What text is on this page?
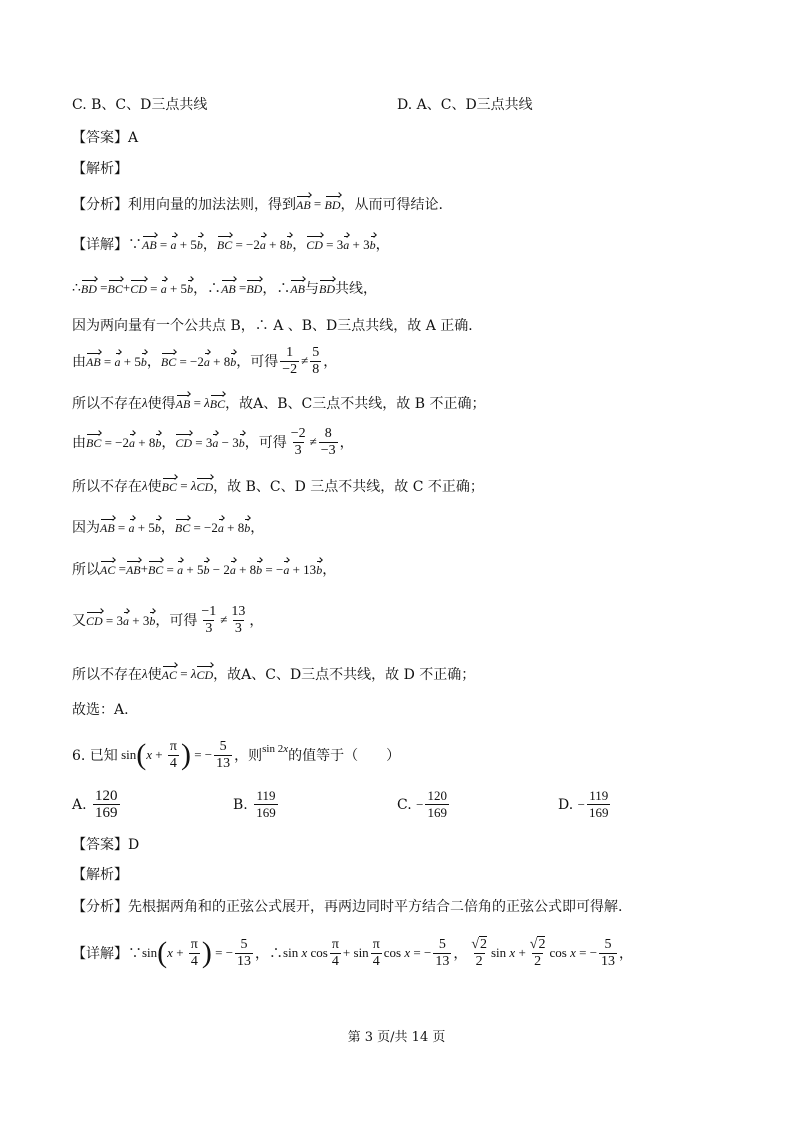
C. B、C、D三点共线	D. A、C、D三点共线
【答案】A
【解析】
【分析】利用向量的加法法则，得到 AB = BD ，从而可得结论.
【详解】∵ AB = a + 5b ， BC = −2a + 8b ， CD = 3a + 3b ，
∴ BD = BC + CD = a + 5b ，∴ AB = BD ，∴ AB 与 BD 共线，
因为两向量有一个公共点 B，∴ A 、B、D三点共线，故 A 正确．
由 AB = a + 5b ， BC = −2a + 8b ，可得 $\frac{1}{-2} \ne \frac{5}{8}$ ，
所以不存在 λ 使得 AB = λ BC ，故A、B、C三点不共线，故 B 不正确；
由 BC = −2a + 8b ， CD = 3a − 3b ，可得 $\frac{-2}{3} \ne \frac{8}{-3}$ ，
所以不存在 λ 使 BC = λ CD ，故 B、C、D 三点不共线，故 C 不正确；
因为 AB = a + 5b ， BC = −2a + 8b ，
所以 AC = AB + BC = a + 5b − 2a + 8b = −a + 13b ，
又 CD = 3a + 3b ，可得 $\frac{-1}{3} \ne \frac{13}{3}$ ，
所以不存在 λ 使 AC = λ CD ，故A、C、D三点不共线，故 D 不正确；
故选：A.
6. 已知 sin ( $x + \frac{\pi}{4}$ ) = − $\frac{5}{13}$ ，则 sin 2x 的值等于（　　）
A.
$\frac{120}{169}$	B.
$\frac{119}{169}$	C.
− $\frac{120}{169}$	D.
− $\frac{119}{169}$
【答案】D
【解析】
【分析】先根据两角和的正弦公式展开，再两边同时平方结合二倍角的正弦公式即可得解.
【详解】∵ sin ( $x + \frac{\pi}{4}$ ) = − $\frac{5}{13}$ ，∴ sin x $\cos \frac{\pi}{4} + \sin \frac{\pi}{4}$ cos x = − $\frac{5}{13}$ ， $\frac{√2}{2}$ $\sin x + \frac{√2}{2}$ cos x = − $\frac{5}{13}$ ，
第 3 页/共 14 页
